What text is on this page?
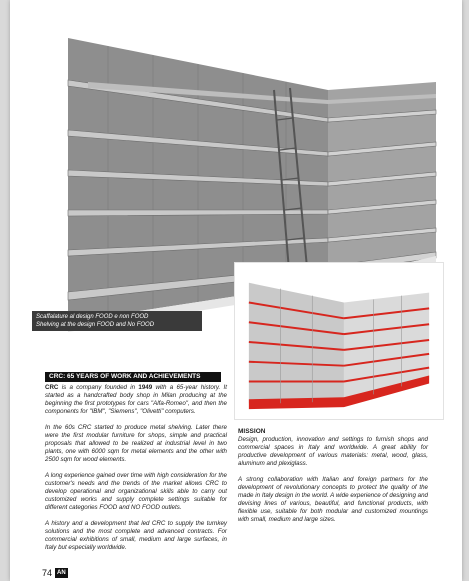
Scaffalature al design FOOD e non FOOD
Shelving at the design FOOD and No FOOD
CRC: 65 YEARS OF WORK AND ACHIEVEMENTS

CRC is a company founded in 1949 with a 65-year history. It started as a handcrafted body shop in Milan producing at the beginning the first prototypes for cars "Alfa-Romeo", and then the components for "IBM", "Siemens", "Olivetti" computers.

In the 60s CRC started to produce metal shelving. Later there were the first modular furniture for shops, simple and practical proposals that allowed to be realized at industrial level in two plants, one with 6000 sqm for metal elements and the other with 2500 sqm for wood elements.

A long experience gained over time with high consideration for the customer's needs and the trends of the market allows CRC to develop operational and organizational skills able to carry out customized works and supply complete settings suitable for different categories FOOD and NO FOOD outlets.

A history and a development that led CRC to supply the turnkey solutions and the most complete and advanced contracts. For commercial exhibitions of small, medium and large surfaces, in Italy but especially worldwide.

MISSION

Design, production, innovation and settings to furnish shops and commercial spaces in Italy and worldwide. A great ability for productive development of various materials: metal, wood, glass, aluminum and plexiglass.

A strong collaboration with Italian and foreign partners for the development of revolutionary concepts to protect the quality of the made in Italy design in the world. A wide experience of designing and devising lines of various, beautiful, and functional products, with flexible use, suitable for both modular and customized mountings with small, medium and large sizes.

74 AN
